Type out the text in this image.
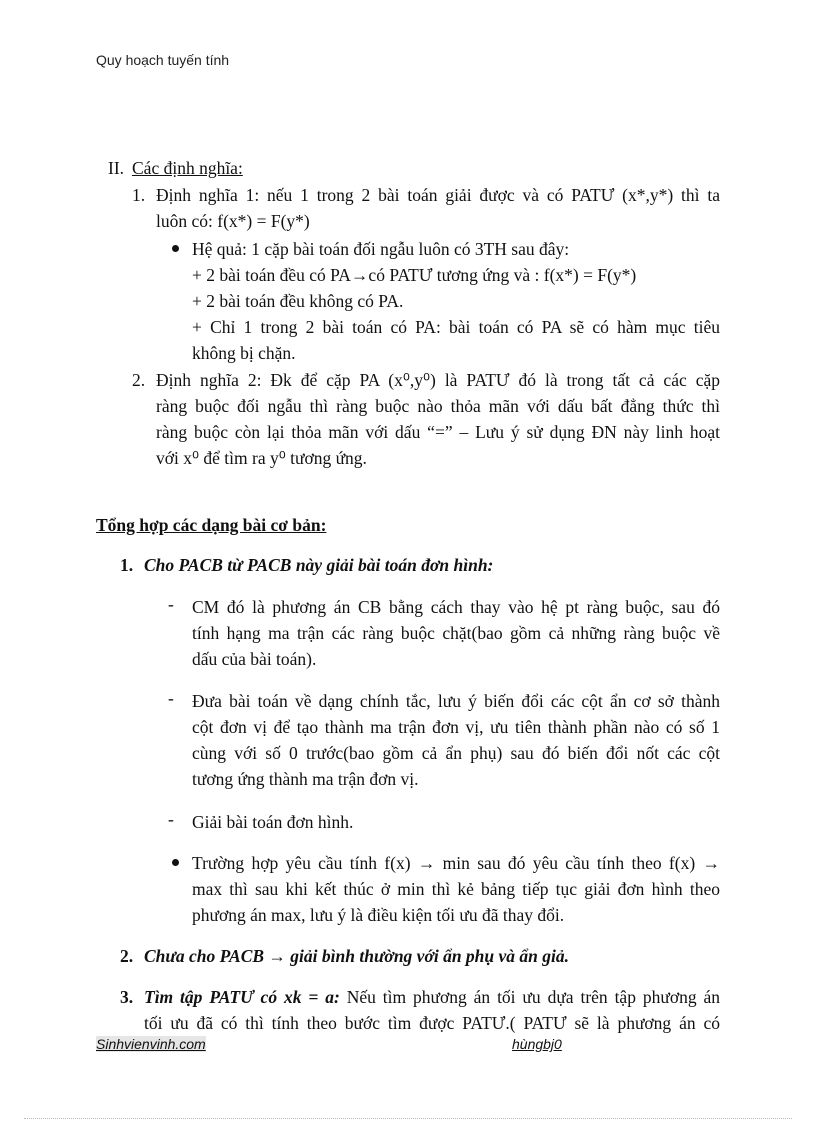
Quy hoạch tuyến tính
II. Các định nghĩa:
1. Định nghĩa 1: nếu 1 trong 2 bài toán giải được và có PATƯ (x*,y*) thì ta
luôn có: f(x*) = F(y*)
Hệ quả: 1 cặp bài toán đối ngẫu luôn có 3TH sau đây:
+ 2 bài toán đều có PA→có PATƯ tương ứng và : f(x*) = F(y*)
+ 2 bài toán đều không có PA.
+ Chỉ 1 trong 2 bài toán có PA: bài toán có PA sẽ có hàm mục tiêu
không bị chặn.
2. Định nghĩa 2: Đk để cặp PA (x⁰,y⁰) là PATƯ đó là trong tất cả các cặp
ràng buộc đối ngẫu thì ràng buộc nào thỏa mãn với dấu bất đẳng thức thì
ràng buộc còn lại thỏa mãn với dấu “=” – Lưu ý sử dụng ĐN này linh hoạt
với x⁰ để tìm ra y⁰ tương ứng.
Tổng hợp các dạng bài cơ bản:
1. Cho PACB từ PACB này giải bài toán đơn hình:
- CM đó là phương án CB bằng cách thay vào hệ pt ràng buộc, sau đó
tính hạng ma trận các ràng buộc chặt(bao gồm cả những ràng buộc về
dấu của bài toán).
- Đưa bài toán về dạng chính tắc, lưu ý biến đổi các cột ẩn cơ sở thành
cột đơn vị để tạo thành ma trận đơn vị, ưu tiên thành phần nào có số 1
cùng với số 0 trước(bao gồm cả ẩn phụ) sau đó biến đổi nốt các cột
tương ứng thành ma trận đơn vị.
- Giải bài toán đơn hình.
Trường hợp yêu cầu tính f(x) → min sau đó yêu cầu tính theo f(x) →
max thì sau khi kết thúc ở min thì kẻ bảng tiếp tục giải đơn hình theo
phương án max, lưu ý là điều kiện tối ưu đã thay đổi.
2. Chưa cho PACB → giải bình thường với ẩn phụ và ẩn giả.
3. Tìm tập PATƯ có xk = a: Nếu tìm phương án tối ưu dựa trên tập phương án
tối ưu đã có thì tính theo bước tìm được PATƯ.( PATƯ sẽ là phương án có
Sinhvienvinh.com	hùngbj0
